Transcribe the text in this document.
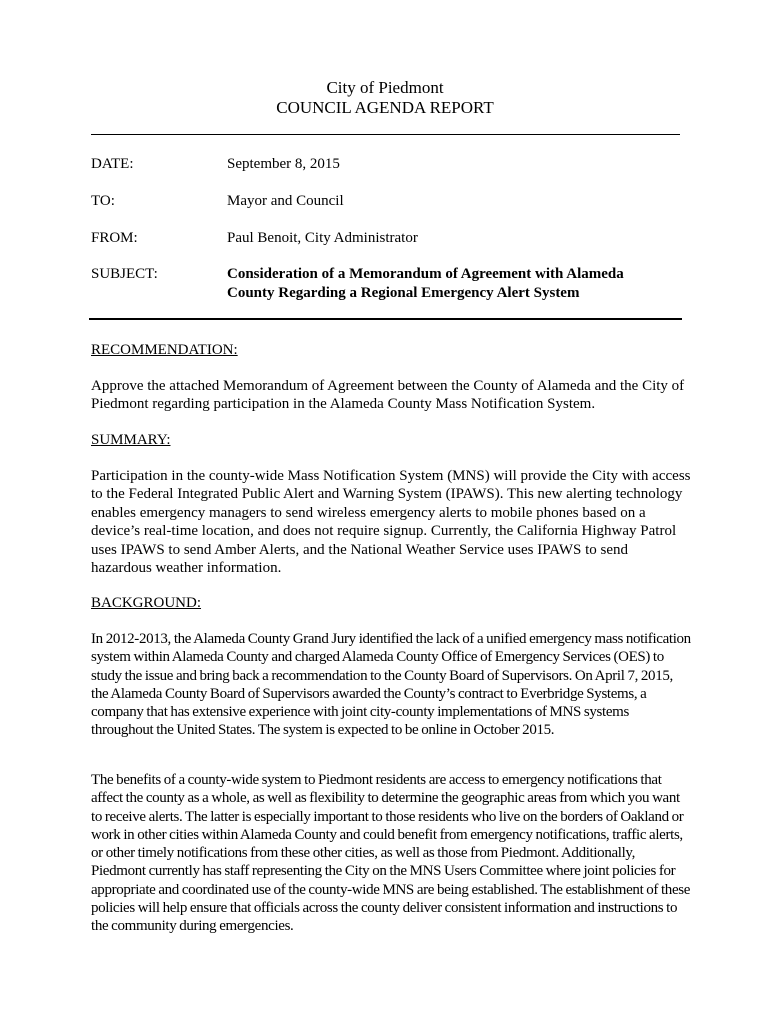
City of Piedmont
COUNCIL AGENDA REPORT
DATE:	September 8, 2015
TO:	Mayor and Council
FROM:	Paul Benoit, City Administrator
SUBJECT:	Consideration of a Memorandum of Agreement with Alameda
County Regarding a Regional Emergency Alert System
RECOMMENDATION:
Approve the attached Memorandum of Agreement between the County of Alameda and the City of Piedmont regarding participation in the Alameda County Mass Notification System.
SUMMARY:
Participation in the county-wide Mass Notification System (MNS) will provide the City with access to the Federal Integrated Public Alert and Warning System (IPAWS). This new alerting technology enables emergency managers to send wireless emergency alerts to mobile phones based on a device’s real-time location, and does not require signup. Currently, the California Highway Patrol uses IPAWS to send Amber Alerts, and the National Weather Service uses IPAWS to send hazardous weather information.
BACKGROUND:
In 2012-2013, the Alameda County Grand Jury identified the lack of a unified emergency mass notification system within Alameda County and charged Alameda County Office of Emergency Services (OES) to study the issue and bring back a recommendation to the County Board of Supervisors. On April 7, 2015, the Alameda County Board of Supervisors awarded the County’s contract to Everbridge Systems, a company that has extensive experience with joint city-county implementations of MNS systems throughout the United States. The system is expected to be online in October 2015.
The benefits of a county-wide system to Piedmont residents are access to emergency notifications that affect the county as a whole, as well as flexibility to determine the geographic areas from which you want to receive alerts. The latter is especially important to those residents who live on the borders of Oakland or work in other cities within Alameda County and could benefit from emergency notifications, traffic alerts, or other timely notifications from these other cities, as well as those from Piedmont. Additionally, Piedmont currently has staff representing the City on the MNS Users Committee where joint policies for appropriate and coordinated use of the county-wide MNS are being established. The establishment of these policies will help ensure that officials across the county deliver consistent information and instructions to the community during emergencies.
